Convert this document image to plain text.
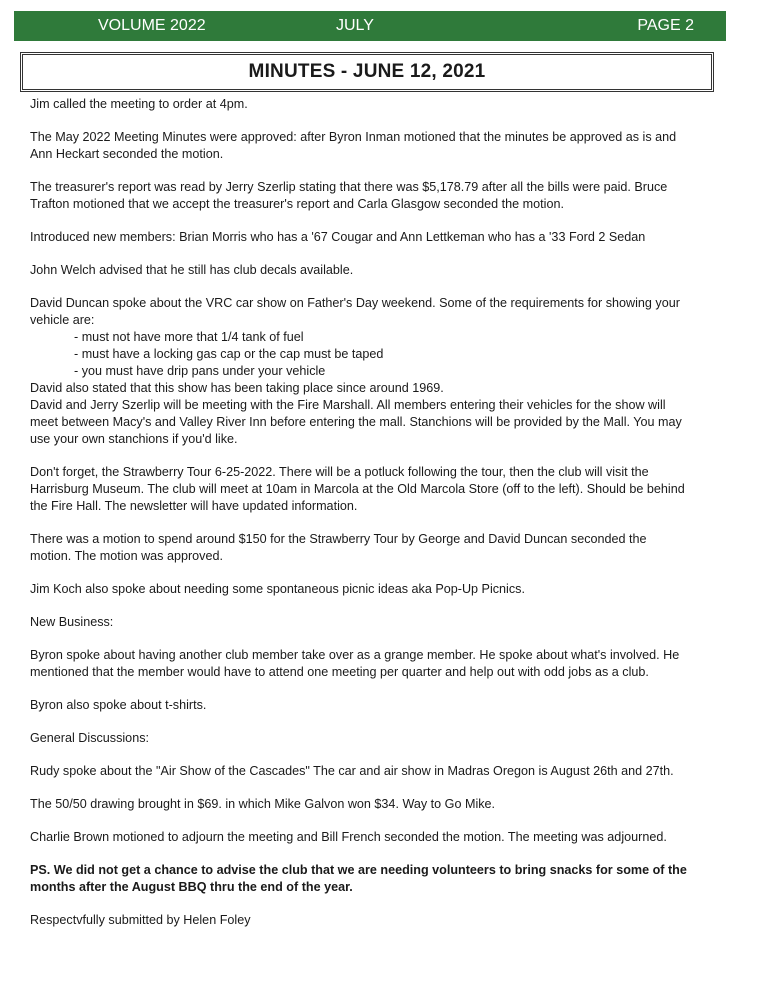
VOLUME 2022	JULY	PAGE 2
MINUTES - JUNE 12, 2021

Jim called the meeting to order at 4pm.

The May 2022 Meeting Minutes were approved: after Byron Inman motioned that the minutes be approved as is and

Ann Heckart seconded the motion.

The treasurer's report was read by Jerry Szerlip stating that there was $5,178.79 after all the bills were paid. Bruce

Trafton motioned that we accept the treasurer's report and Carla Glasgow seconded the motion.

Introduced new members: Brian Morris who has a '67 Cougar and Ann Lettkeman who has a '33 Ford 2 Sedan

John Welch advised that he still has club decals available.

David Duncan spoke about the VRC car show on Father's Day weekend. Some of the requirements for showing your

vehicle are:

- must not have more that 1/4 tank of fuel
- must have a locking gas cap or the cap must be taped
- you must have drip pans under your vehicle

David also stated that this show has been taking place since around 1969.

David and Jerry Szerlip will be meeting with the Fire Marshall. All members entering their vehicles for the show will

meet between Macy's and Valley River Inn before entering the mall. Stanchions will be provided by the Mall. You may

use your own stanchions if you'd like.

Don't forget, the Strawberry Tour 6-25-2022. There will be a potluck following the tour, then the club will visit the

Harrisburg Museum. The club will meet at 10am in Marcola at the Old Marcola Store (off to the left). Should be behind

the Fire Hall. The newsletter will have updated information.

There was a motion to spend around $150 for the Strawberry Tour by George and David Duncan seconded the

motion. The motion was approved.

Jim Koch also spoke about needing some spontaneous picnic ideas aka Pop-Up Picnics.

New Business:

Byron spoke about having another club member take over as a grange member. He spoke about what's involved. He

mentioned that the member would have to attend one meeting per quarter and help out with odd jobs as a club.

Byron also spoke about t-shirts.

General Discussions:

Rudy spoke about the "Air Show of the Cascades" The car and air show in Madras Oregon is August 26th and 27th.

The 50/50 drawing brought in $69. in which Mike Galvon won $34. Way to Go Mike.

Charlie Brown motioned to adjourn the meeting and Bill French seconded the motion. The meeting was adjourned.

PS. We did not get a chance to advise the club that we are needing volunteers to bring snacks for some of the

months after the August BBQ thru the end of the year.

Respectvfully submitted by Helen Foley
